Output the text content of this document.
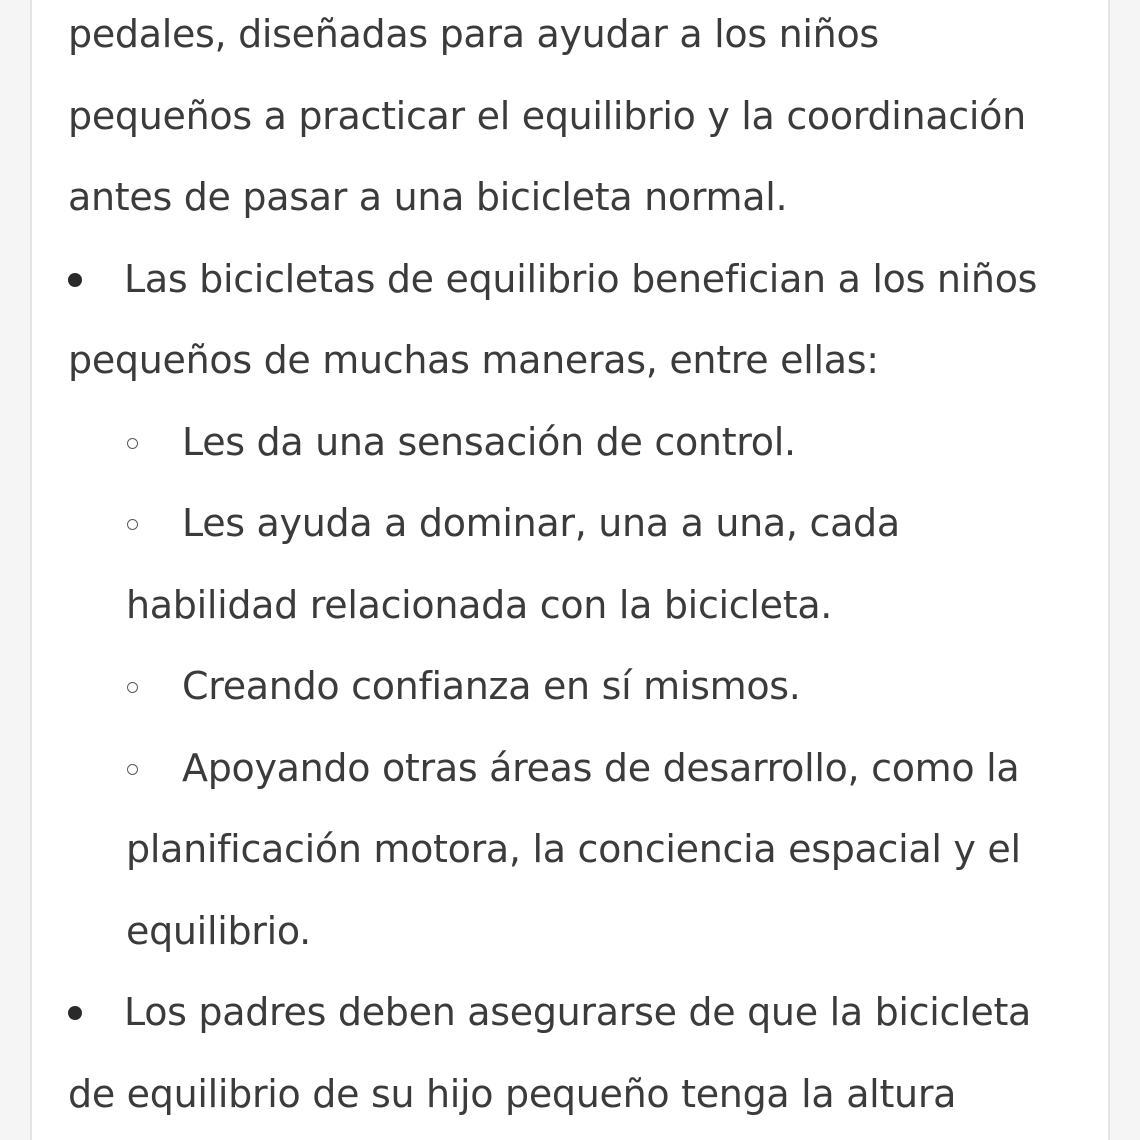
pedales, diseñadas para ayudar a los niños
pequeños a practicar el equilibrio y la coordinación
antes de pasar a una bicicleta normal.
Las bicicletas de equilibrio benefician a los niños
pequeños de muchas maneras, entre ellas:
Les da una sensación de control.
Les ayuda a dominar, una a una, cada
habilidad relacionada con la bicicleta.
Creando confianza en sí mismos.
Apoyando otras áreas de desarrollo, como la
planificación motora, la conciencia espacial y el
equilibrio.
Los padres deben asegurarse de que la bicicleta
de equilibrio de su hijo pequeño tenga la altura
